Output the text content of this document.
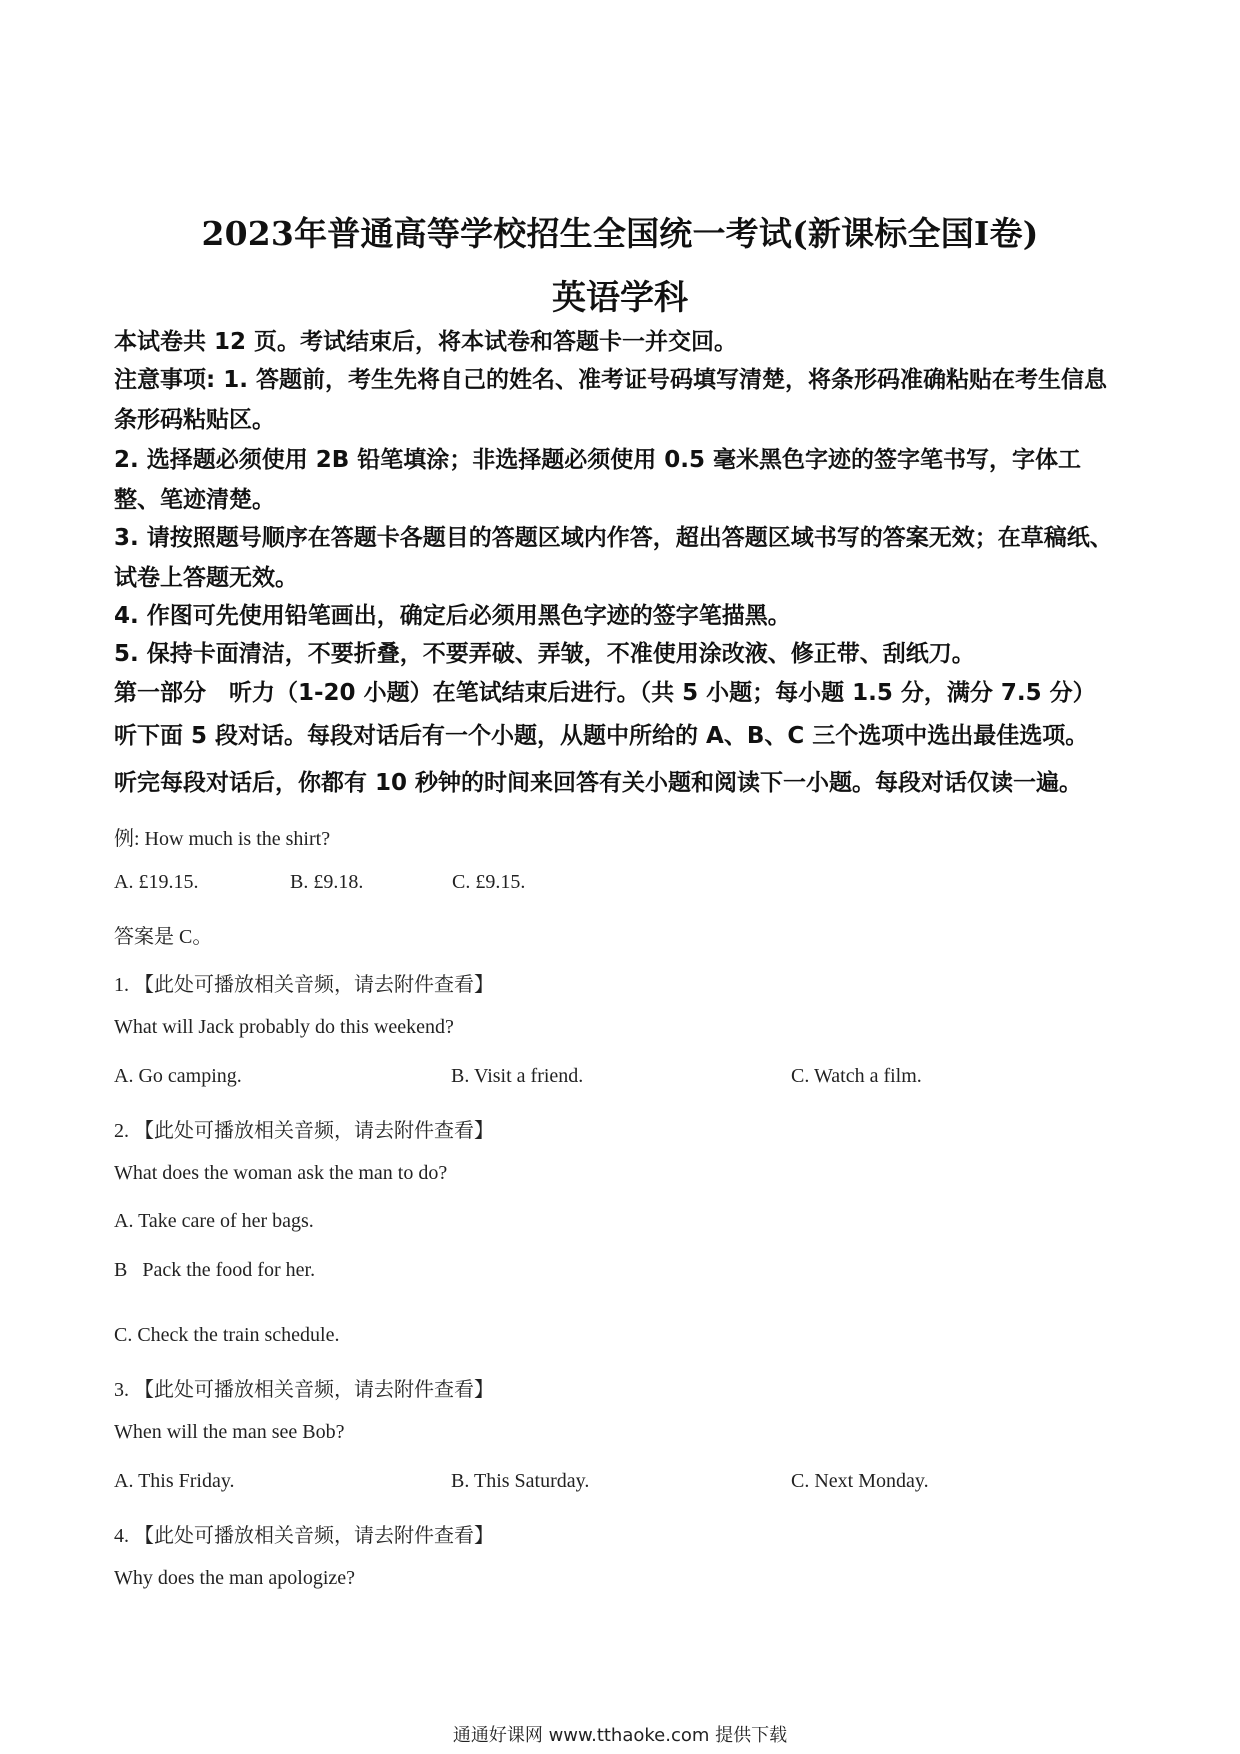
2023年普通高等学校招生全国统一考试(新课标全国Ⅰ卷)
英语学科
本试卷共 12 页。考试结束后，将本试卷和答题卡一并交回。
注意事项: 1. 答题前，考生先将自己的姓名、准考证号码填写清楚，将条形码准确粘贴在考生信息条形码粘贴区。
2. 选择题必须使用 2B 铅笔填涂；非选择题必须使用 0.5 毫米黑色字迹的签字笔书写，字体工整、笔迹清楚。
3. 请按照题号顺序在答题卡各题目的答题区域内作答，超出答题区域书写的答案无效；在草稿纸、试卷上答题无效。
4. 作图可先使用铅笔画出，确定后必须用黑色字迹的签字笔描黑。
5. 保持卡面清洁，不要折叠，不要弄破、弄皱，不准使用涂改液、修正带、刮纸刀。
第一部分　听力（1-20 小题）在笔试结束后进行。（共 5 小题；每小题 1.5 分，满分 7.5 分）
听下面 5 段对话。每段对话后有一个小题，从题中所给的 A、B、C 三个选项中选出最佳选项。
听完每段对话后，你都有 10 秒钟的时间来回答有关小题和阅读下一小题。每段对话仅读一遍。
例: How much is the shirt?
A. £19.15.	B. £9.18.	C. £9.15.
答案是 C。
1. 【此处可播放相关音频，请去附件查看】
What will Jack probably do this weekend?
A. Go camping.	B. Visit a friend.	C. Watch a film.
2. 【此处可播放相关音频，请去附件查看】
What does the woman ask the man to do?
A. Take care of her bags.
B   Pack the food for her.
C. Check the train schedule.
3. 【此处可播放相关音频，请去附件查看】
When will the man see Bob?
A. This Friday.	B. This Saturday.	C. Next Monday.
4. 【此处可播放相关音频，请去附件查看】
Why does the man apologize?
通通好课网 www.tthaoke.com 提供下载
